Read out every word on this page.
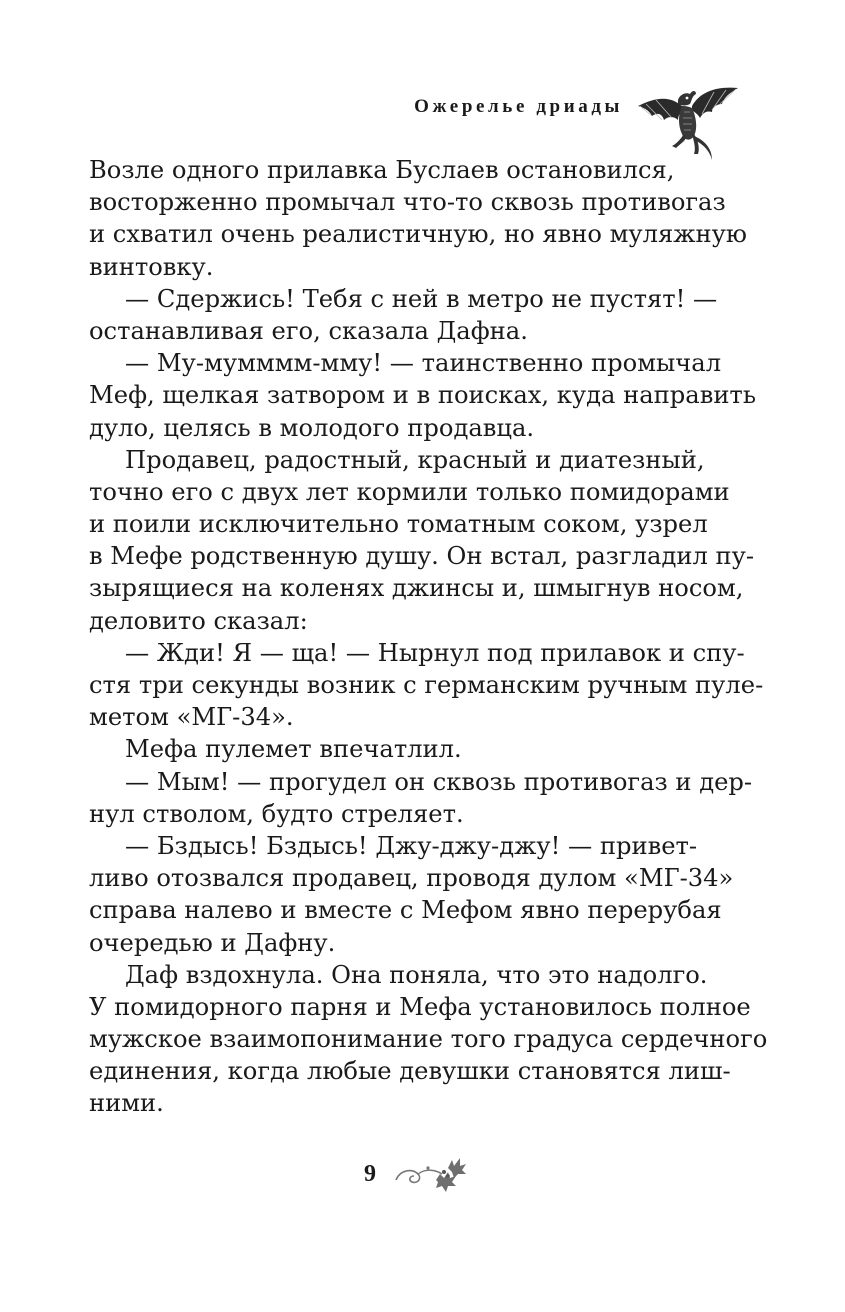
Ожерелье дриады
Возле одного прилавка Буслаев остановился,
восторженно промычал что-то сквозь противогаз
и схватил очень реалистичную, но явно муляжную
винтовку.
— Сдержись! Тебя с ней в метро не пустят! —
останавливая его, сказала Дафна.
— Му-мумммм-мму! — таинственно промычал
Меф, щелкая затвором и в поисках, куда направить
дуло, целясь в молодого продавца.
Продавец, радостный, красный и диатезный,
точно его с двух лет кормили только помидорами
и поили исключительно томатным соком, узрел
в Мефе родственную душу. Он встал, разгладил пу-
зырящиеся на коленях джинсы и, шмыгнув носом,
деловито сказал:
— Жди! Я — ща! — Нырнул под прилавок и спу-
стя три секунды возник с германским ручным пуле-
метом «МГ-34».
Мефа пулемет впечатлил.
— Мым! — прогудел он сквозь противогаз и дер-
нул стволом, будто стреляет.
— Бздысь! Бздысь! Джу-джу-джу! — привет-
ливо отозвался продавец, проводя дулом «МГ-34»
справа налево и вместе с Мефом явно перерубая
очередью и Дафну.
Даф вздохнула. Она поняла, что это надолго.
У помидорного парня и Мефа установилось полное
мужское взаимопонимание того градуса сердечного
единения, когда любые девушки становятся лиш-
ними.
9
